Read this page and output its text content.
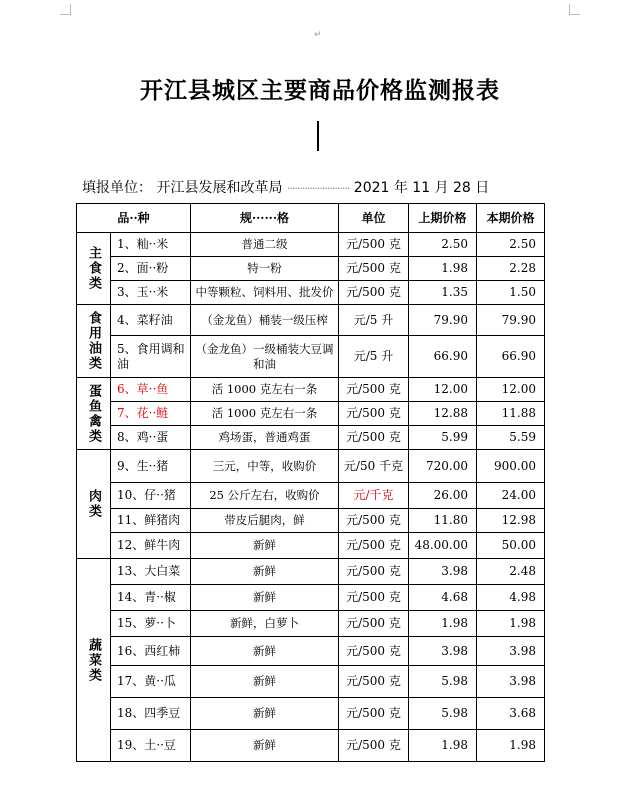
↵
开江县城区主要商品价格监测报表
填报单位： 开江县发展和改革局 ························· 2021 年 11 月 28 日
品··种		规······格	单位	上期价格	本期价格

主食类	1、籼··米	普通二级	元/500 克	2.50	2.50
	2、面··粉	特一粉	元/500 克	1.98	2.28
	3、玉··米	中等颗粒、饲料用、批发价	元/500 克	1.35	1.50

食用油类	4、菜籽油	（金龙鱼）桶装一级压榨	元/5 升	79.90	79.90
	5、食用调和油	（金龙鱼）一级桶装大豆调和油	元/5 升	66.90	66.90

蛋鱼禽类	6、草··鱼	活 1000 克左右一条	元/500 克	12.00	12.00
	7、花··鲢	活 1000 克左右一条	元/500 克	12.88	11.88
	8、鸡··蛋	鸡场蛋，普通鸡蛋	元/500 克	5.99	5.59

肉类	9、生··猪	三元，中等，收购价	元/50 千克	720.00	900.00
	10、仔··猪	25 公斤左右，收购价	元/千克	26.00	24.00
	11、鲜猪肉	带皮后腿肉，鲜	元/500 克	11.80	12.98
	12、鲜牛肉	新鲜	元/500 克	48.00.00	50.00

蔬菜类	13、大白菜	新鲜	元/500 克	3.98	2.48
	14、青··椒	新鲜	元/500 克	4.68	4.98
	15、萝··卜	新鲜，白萝卜	元/500 克	1.98	1.98
	16、西红柿	新鲜	元/500 克	3.98	3.98
	17、黄··瓜	新鲜	元/500 克	5.98	3.98
	18、四季豆	新鲜	元/500 克	5.98	3.68
	19、土··豆	新鲜	元/500 克	1.98	1.98
